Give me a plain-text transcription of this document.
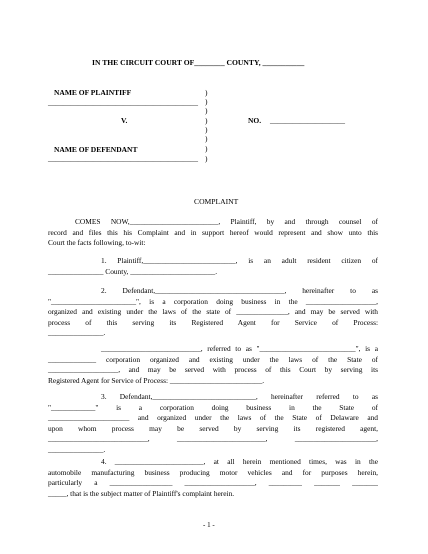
IN THE CIRCUIT COURT OF________ COUNTY, ___________
NAME OF PLAINTIFF
________________________________________
V.
NAME OF DEFENDANT
________________________________________
)
)
)
)
)
)
)
)
NO. ____________________
COMPLAINT
COMES NOW,________________________, Plaintiff, by and through counsel of
record and files this his Complaint and in support hereof would represent and show unto this
Court the facts following, to-wit:
1. Plaintiff,_________________________, is an adult resident citizen of
_______________ County, _______________________.
2. Defendant,___________________________________, hereinafter to as
"_______________________", is a corporation doing business in the ___________________,
organized and existing under the laws of the state of ______________, and may be served with
process of this serving its Registered Agent for Service of Process:
_______________.
___________________________, referred to as "__________________________", is a
_____________ corporation organized and existing under the laws of the State of
___________________, and may be served with process of this Court by serving its
Registered Agent for Service of Process: _________________________.
3. Defendant,____________________________, hereinafter referred to as
"____________" is a corporation doing business in the State of
______________________ and organized under the laws of the State of Delaware and
upon whom process may be served by serving its registered agent,
___________________________, ________________________, ______________________,
_______________.
4. ________________________, at all herein mentioned times, was in the
automobile manufacturing business producing motor vehicles and for purposes herein,
particularly a _________________ ___________________, _________ _______ _______
_____, that is the subject matter of Plaintiff's complaint herein.
- 1 -
